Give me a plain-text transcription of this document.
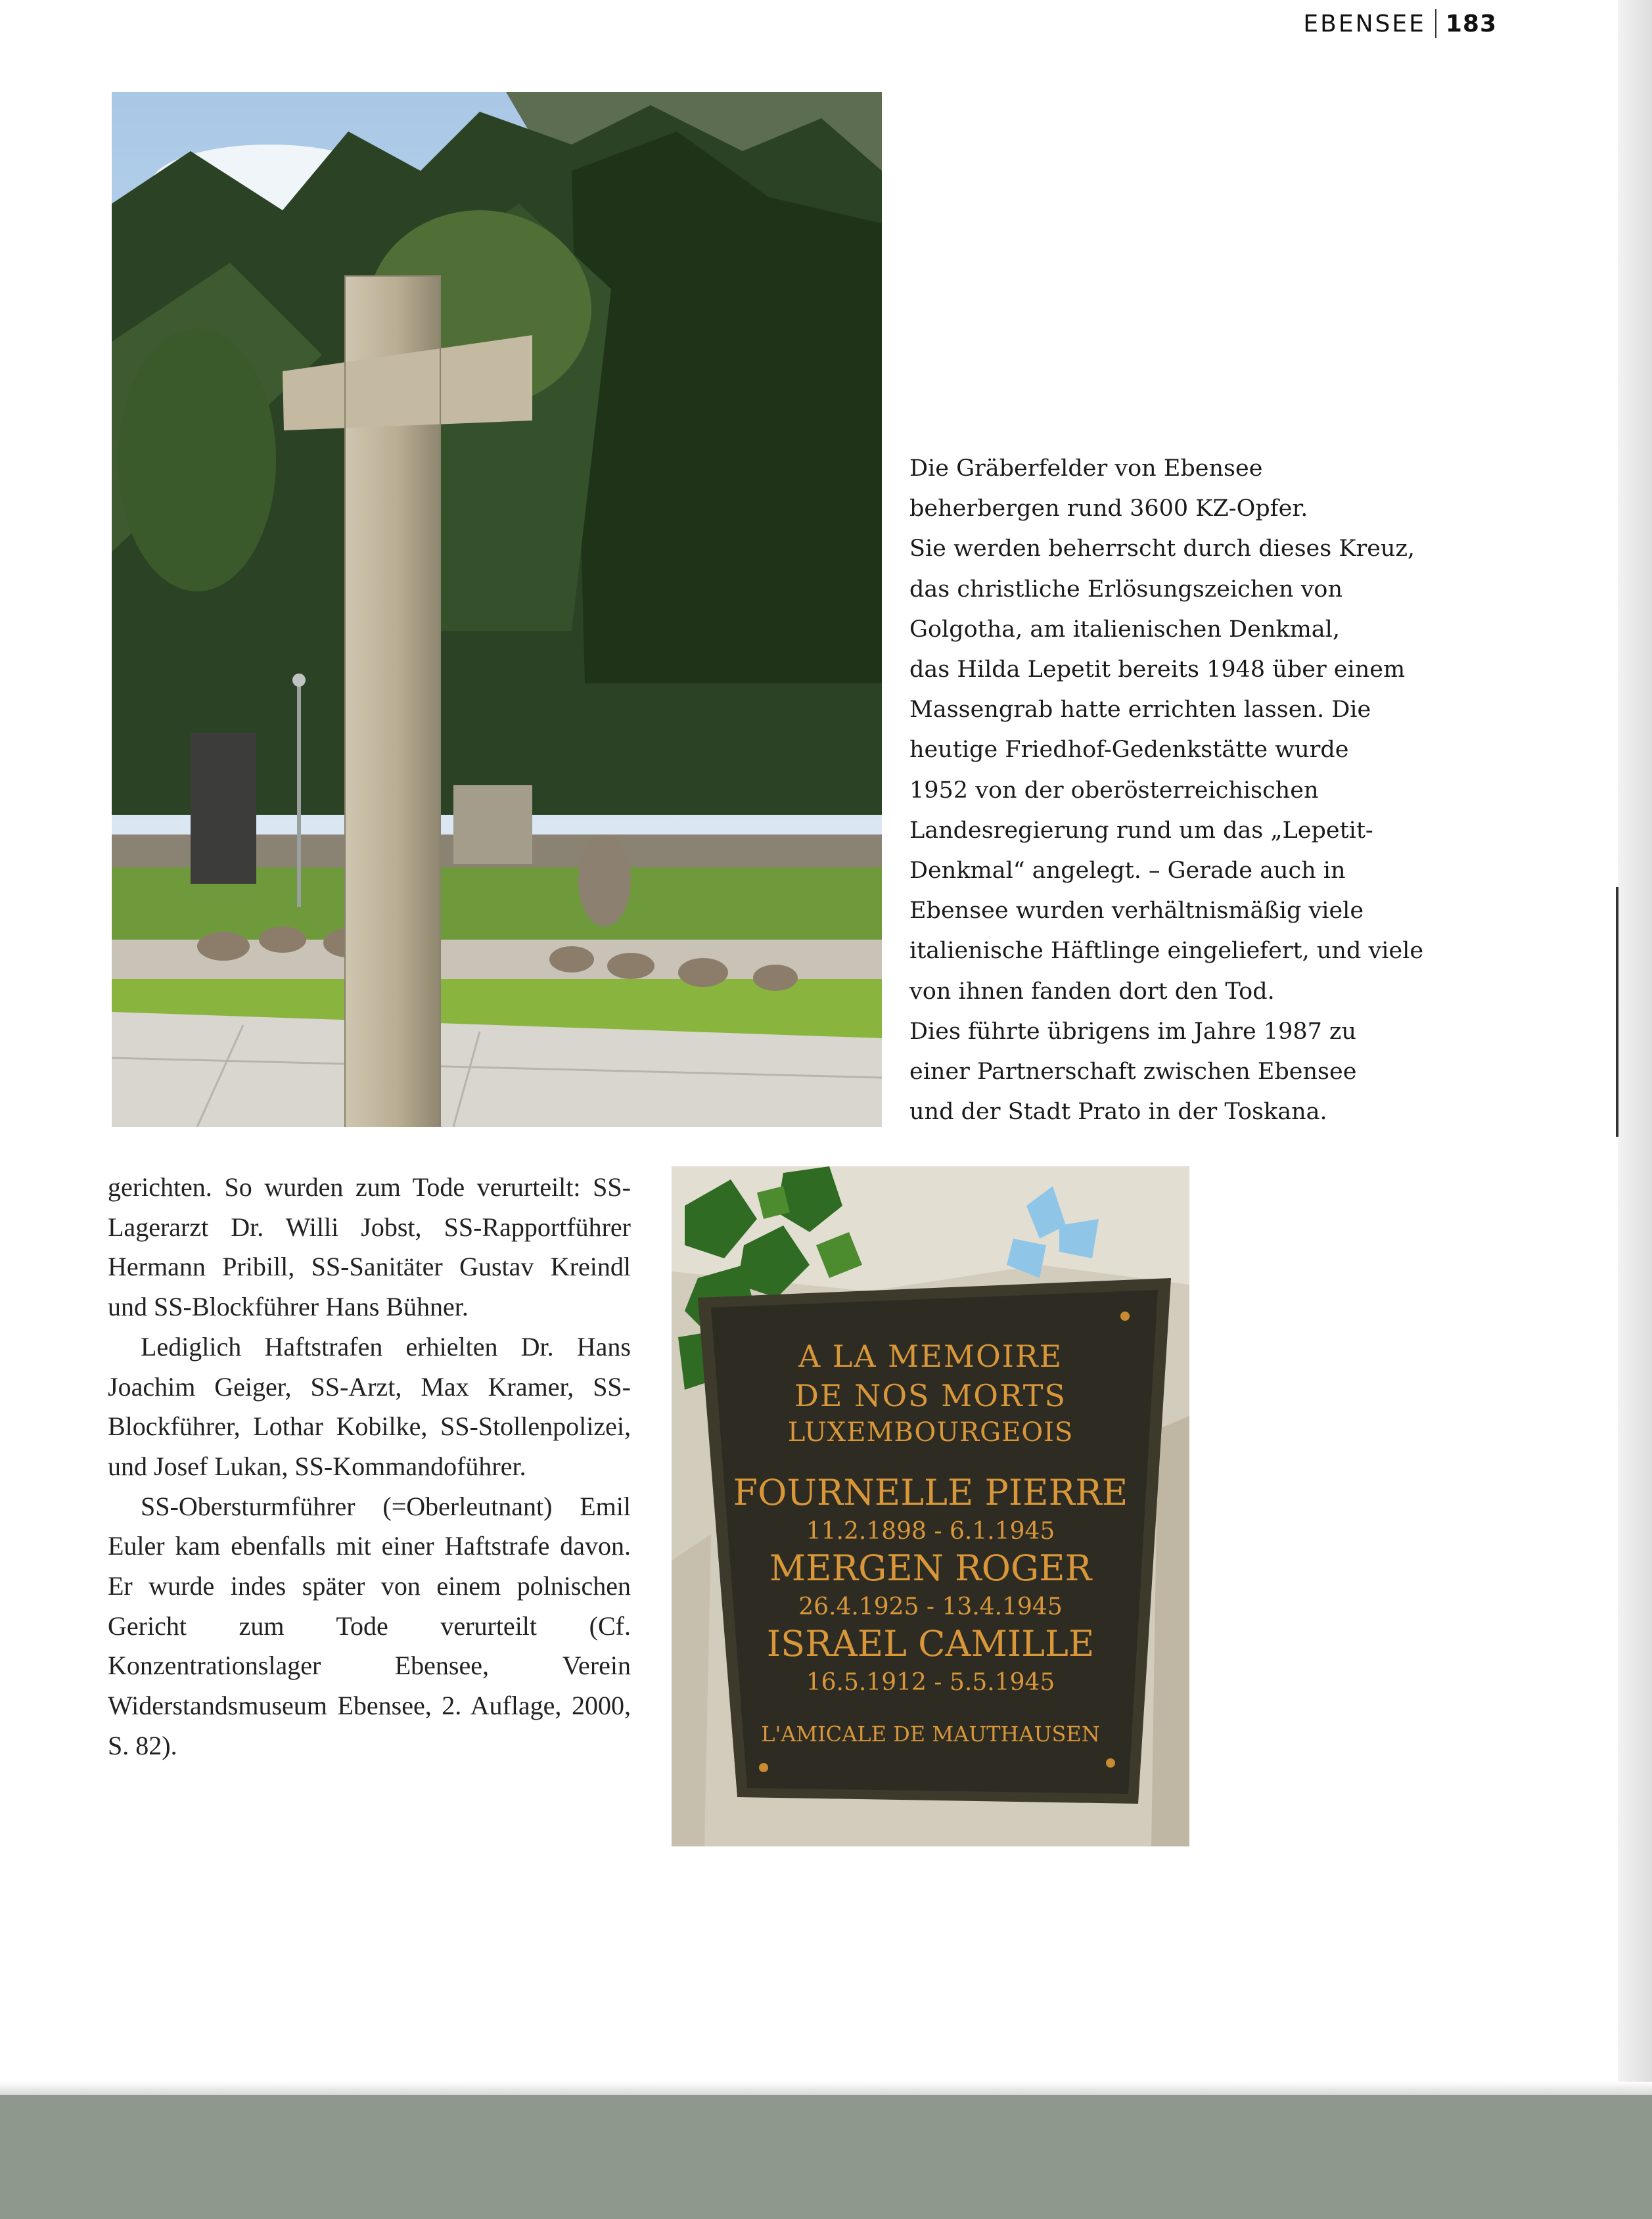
EBENSEE 183
Die Gräberfelder von Ebensee
beherbergen rund 3600 KZ-Opfer.
Sie werden beherrscht durch dieses Kreuz,
das christliche Erlösungszeichen von
Golgotha, am italienischen Denkmal,
das Hilda Lepetit bereits 1948 über einem
Massengrab hatte errichten lassen. Die
heutige Friedhof-Gedenkstätte wurde
1952 von der oberösterreichischen
Landesregierung rund um das „Lepetit-
Denkmal“ angelegt. – Gerade auch in
Ebensee wurden verhältnismäßig viele
italienische Häftlinge eingeliefert, und viele
von ihnen fanden dort den Tod.
Dies führte übrigens im Jahre 1987 zu
einer Partnerschaft zwischen Ebensee
und der Stadt Prato in der Toskana.

gerichten. So wurden zum Tode verurteilt: SS-Lagerarzt Dr. Willi Jobst, SS-Rapportführer Hermann Pribill, SS-Sanitäter Gustav Kreindl und SS-Blockführer Hans Bühner.

Lediglich Haftstrafen erhielten Dr. Hans Joachim Geiger, SS-Arzt, Max Kramer, SS-Blockführer, Lothar Kobilke, SS-Stollenpolizei, und Josef Lukan, SS-Kommandoführer.

SS-Obersturmführer (=Oberleutnant) Emil Euler kam ebenfalls mit einer Haftstrafe davon. Er wurde indes später von einem polnischen Gericht zum Tode verurteilt (Cf. Konzentrationslager Ebensee, Verein Widerstandsmuseum Ebensee, 2. Auflage, 2000, S. 82).

A LA MEMOIRE
DE NOS MORTS
LUXEMBOURGEOIS
FOURNELLE PIERRE
11.2.1898 - 6.1.1945
MERGEN ROGER
26.4.1925 - 13.4.1945
ISRAEL CAMILLE
16.5.1912 - 5.5.1945
L'AMICALE DE MAUTHAUSEN
